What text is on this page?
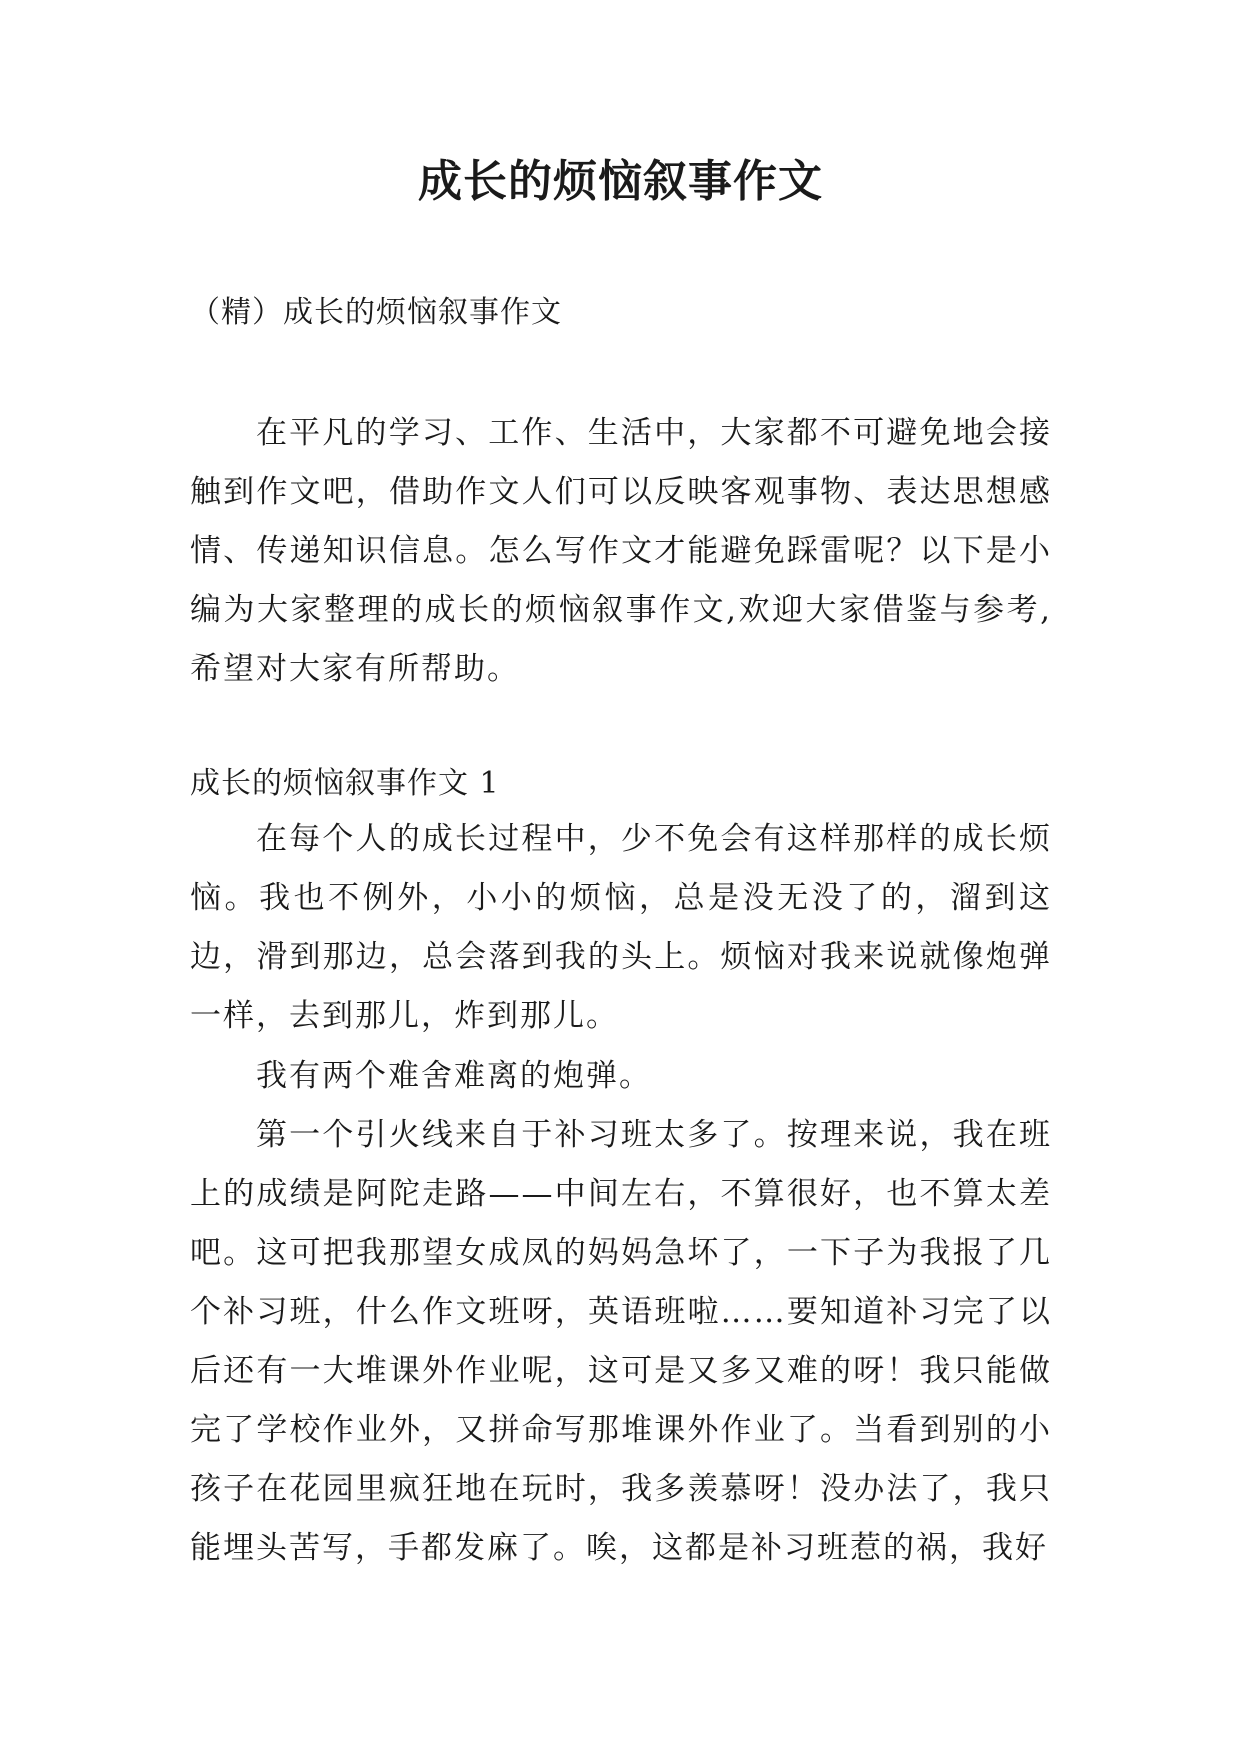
成长的烦恼叙事作文
（精）成长的烦恼叙事作文
在平凡的学习、工作、生活中，大家都不可避免地会接触到作文吧，借助作文人们可以反映客观事物、表达思想感情、传递知识信息。怎么写作文才能避免踩雷呢？以下是小编为大家整理的成长的烦恼叙事作文,欢迎大家借鉴与参考,希望对大家有所帮助。
成长的烦恼叙事作文 1
在每个人的成长过程中，少不免会有这样那样的成长烦恼。我也不例外，小小的烦恼，总是没无没了的，溜到这边，滑到那边，总会落到我的头上。烦恼对我来说就像炮弹一样，去到那儿，炸到那儿。
我有两个难舍难离的炮弹。
第一个引火线来自于补习班太多了。按理来说，我在班上的成绩是阿陀走路——中间左右，不算很好，也不算太差吧。这可把我那望女成凤的妈妈急坏了，一下子为我报了几个补习班，什么作文班呀，英语班啦……要知道补习完了以后还有一大堆课外作业呢，这可是又多又难的呀！我只能做完了学校作业外，又拼命写那堆课外作业了。当看到别的小孩子在花园里疯狂地在玩时，我多羡慕呀！没办法了，我只能埋头苦写，手都发麻了。唉，这都是补习班惹的祸，我好
